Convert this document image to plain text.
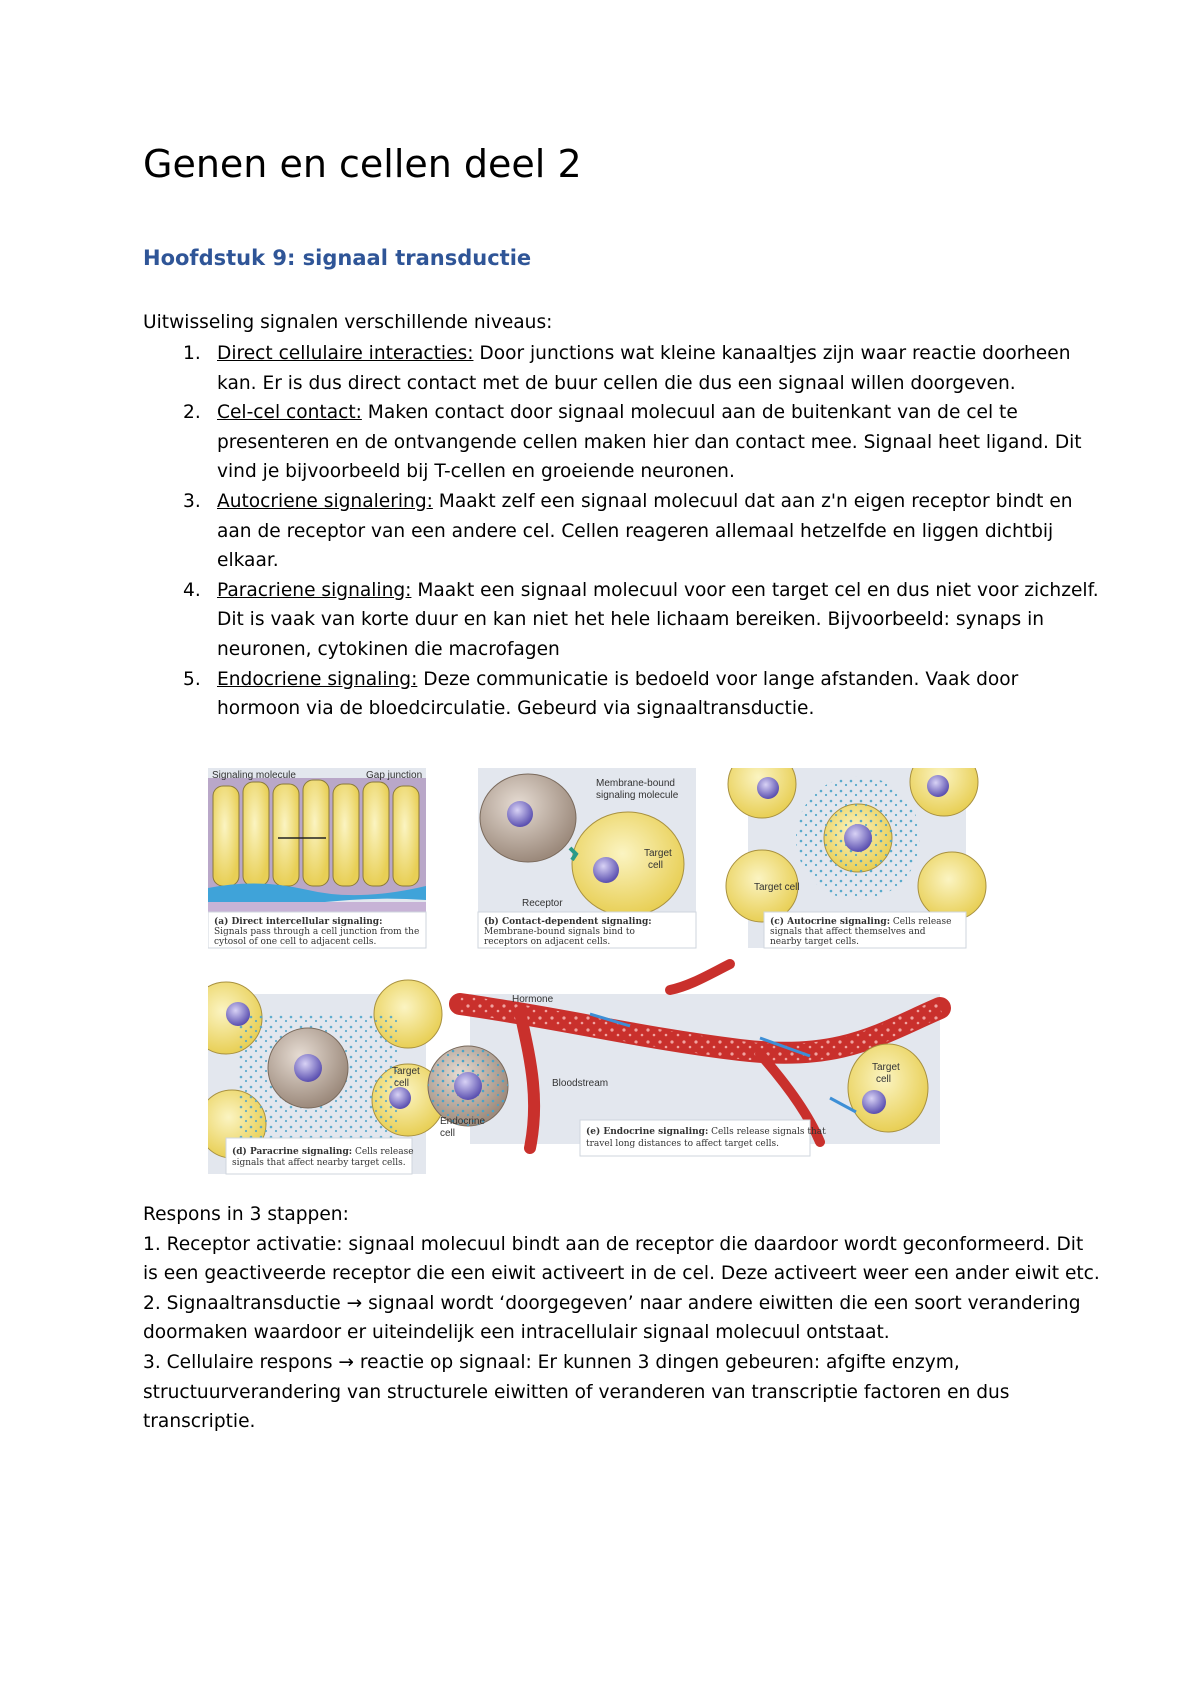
Genen en cellen deel 2
Hoofdstuk 9: signaal transductie
Uitwisseling signalen verschillende niveaus:
1. Direct cellulaire interacties: Door junctions wat kleine kanaaltjes zijn waar reactie doorheen kan. Er is dus direct contact met de buur cellen die dus een signaal willen doorgeven.
2. Cel-cel contact: Maken contact door signaal molecuul aan de buitenkant van de cel te presenteren en de ontvangende cellen maken hier dan contact mee. Signaal heet ligand. Dit vind je bijvoorbeeld bij T-cellen en groeiende neuronen.
3. Autocriene signalering: Maakt zelf een signaal molecuul dat aan z'n eigen receptor bindt en aan de receptor van een andere cel. Cellen reageren allemaal hetzelfde en liggen dichtbij elkaar.
4. Paracriene signaling: Maakt een signaal molecuul voor een target cel en dus niet voor zichzelf. Dit is vaak van korte duur en kan niet het hele lichaam bereiken. Bijvoorbeeld: synaps in neuronen, cytokinen die macrofagen
5. Endocriene signaling: Deze communicatie is bedoeld voor lange afstanden. Vaak door hormoon via de bloedcirculatie. Gebeurd via signaaltransductie.
Signaling molecule	Gap junction
(a) Direct intercellular signaling:
Signals pass through a cell junction from the
cytosol of one cell to adjacent cells.
Membrane-bound
signaling molecule
Target
cell
Receptor
(b) Contact-dependent signaling:
Membrane-bound signals bind to
receptors on adjacent cells.
Target cell
(c) Autocrine signaling: Cells release
signals that affect themselves and
nearby target cells.
Target
cell
(d) Paracrine signaling: Cells release
signals that affect nearby target cells.
Hormone
Bloodstream
Endocrine
cell
Target
cell
(e) Endocrine signaling: Cells release signals that
travel long distances to affect target cells.

Respons in 3 stappen:

1. Receptor activatie: signaal molecuul bindt aan de receptor die daardoor wordt geconformeerd. Dit is een geactiveerde receptor die een eiwit activeert in de cel. Deze activeert weer een ander eiwit etc.

2. Signaaltransductie → signaal wordt ‘doorgegeven’ naar andere eiwitten die een soort verandering doormaken waardoor er uiteindelijk een intracellulair signaal molecuul ontstaat.

3. Cellulaire respons → reactie op signaal: Er kunnen 3 dingen gebeuren: afgifte enzym, structuurverandering van structurele eiwitten of veranderen van transcriptie factoren en dus transcriptie.
